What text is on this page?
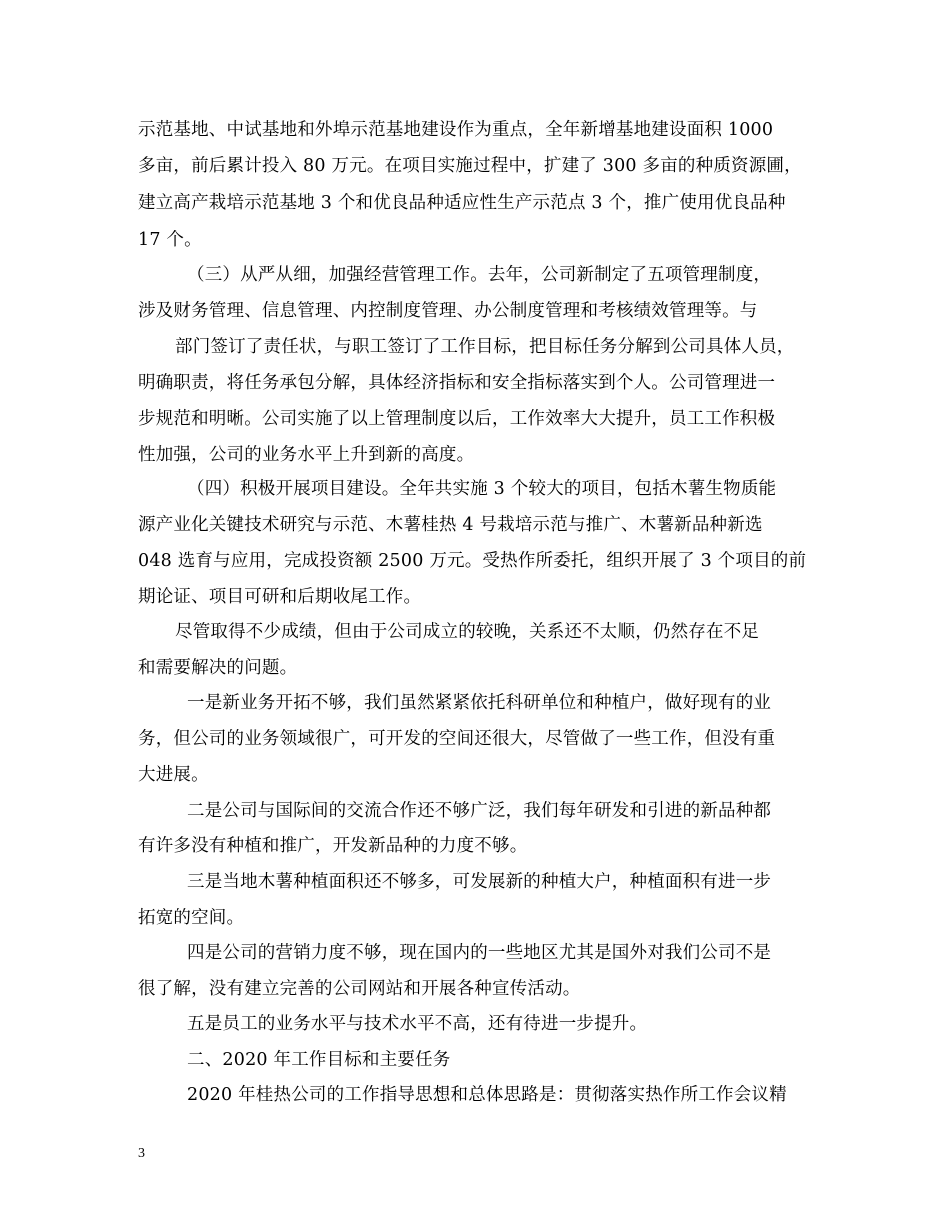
示范基地、中试基地和外埠示范基地建设作为重点，全年新增基地建设面积 1000
多亩，前后累计投入 80 万元。在项目实施过程中，扩建了 300 多亩的种质资源圃，
建立高产栽培示范基地 3 个和优良品种适应性生产示范点 3 个，推广使用优良品种
17 个。
（三）从严从细，加强经营管理工作。去年，公司新制定了五项管理制度，
涉及财务管理、信息管理、内控制度管理、办公制度管理和考核绩效管理等。与
部门签订了责任状，与职工签订了工作目标，把目标任务分解到公司具体人员，
明确职责，将任务承包分解，具体经济指标和安全指标落实到个人。公司管理进一
步规范和明晰。公司实施了以上管理制度以后，工作效率大大提升，员工工作积极
性加强，公司的业务水平上升到新的高度。
（四）积极开展项目建设。全年共实施 3 个较大的项目，包括木薯生物质能
源产业化关键技术研究与示范、木薯桂热 4 号栽培示范与推广、木薯新品种新选
048 选育与应用，完成投资额 2500 万元。受热作所委托，组织开展了 3 个项目的前
期论证、项目可研和后期收尾工作。
尽管取得不少成绩，但由于公司成立的较晚，关系还不太顺，仍然存在不足
和需要解决的问题。
一是新业务开拓不够，我们虽然紧紧依托科研单位和种植户，做好现有的业
务，但公司的业务领域很广，可开发的空间还很大，尽管做了一些工作，但没有重
大进展。
二是公司与国际间的交流合作还不够广泛，我们每年研发和引进的新品种都
有许多没有种植和推广，开发新品种的力度不够。
三是当地木薯种植面积还不够多，可发展新的种植大户，种植面积有进一步
拓宽的空间。
四是公司的营销力度不够，现在国内的一些地区尤其是国外对我们公司不是
很了解，没有建立完善的公司网站和开展各种宣传活动。
五是员工的业务水平与技术水平不高，还有待进一步提升。
二、2020 年工作目标和主要任务
2020 年桂热公司的工作指导思想和总体思路是：贯彻落实热作所工作会议精
3
